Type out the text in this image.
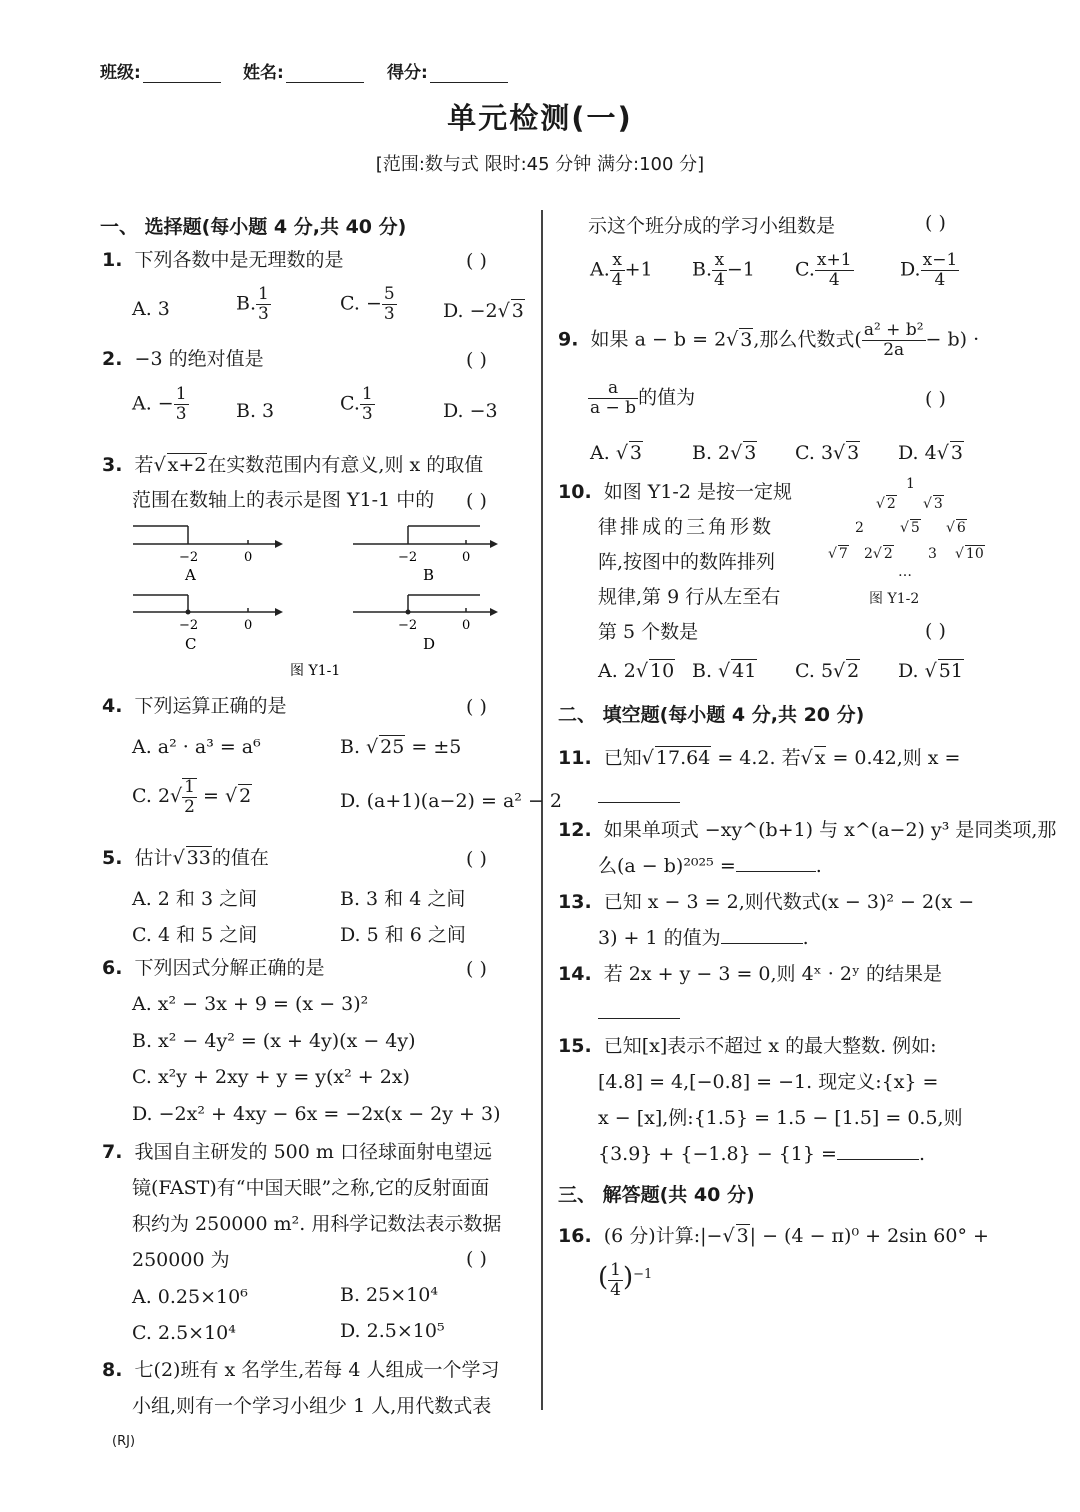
班级:	姓名:	得分:
单元检测(一)
[范围:数与式 限时:45 分钟 满分:100 分]
一、 选择题(每小题 4 分,共 40 分)
1. 下列各数中是无理数的是	( )
A. 3	B. $\frac{1}{3}$	C. − $\frac{5}{3} D$. −2√ 3
2. −3 的绝对值是	( )
A. − $\frac{1}{3} B$. 3	C. $\frac{1}{3}$	D. −3
3. 若√ x+2在实数范围内有意义,则 x 的取值
范围在数轴上的表示是图 Y1-1 中的 ( )
−2	0
A
−2	0
B
−2	0
C
−2	0
D
图 Y1-1
4. 下列运算正确的是	( )
A. a² · a³ = a⁶	B. √ 25 = ±5
C. $2√ \frac{1}{2}$ = √ 2	D. (a+1)(a−2) = a² − 2
5. 估计√ 33的值在	( )
A. 2 和 3 之间	B. 3 和 4 之间
C. 4 和 5 之间	D. 5 和 6 之间
6. 下列因式分解正确的是	( )
A. x² − 3x + 9 = (x − 3)²
B. x² − 4y² = (x + 4y)(x − 4y)
C. x²y + 2xy + y = y(x² + 2x)
D. −2x² + 4xy − 6x = −2x(x − 2y + 3)
7. 我国自主研发的 500 m 口径球面射电望远
镜(FAST)有“中国天眼”之称,它的反射面面
积约为 250000 m². 用科学记数法表示数据
250000 为	( )
A. 0.25×10⁶	B. 25×10⁴
C. 2.5×10⁴	D. 2.5×10⁵
8. 七(2)班有 x 名学生,若每 4 人组成一个学习
小组,则有一个学习小组少 1 人,用代数式表
(RJ)
示这个班分成的学习小组数是	( )
A. $\frac{x}{4} +1$ B. $\frac{x}{4} -1$ C. $\frac{x+1}{4} D$. $\frac{x-1}{4}$
9. 如果 a − b = 2√ 3,那么代数式( $\frac{\text{a² + b²}}{2a} - b$) ·
$\frac{a}{a - b}$ 的值为	( )
A. √ 3	B. 2√ 3 C. 3√ 3 D. 4√ 3
10. 如图 Y1-2 是按一定规
律排成的三角形数
阵,按图中的数阵排列
规律,第 9 行从左至右
第 5 个数是	( )
1
√ 2 √ 3
2	√ 5 √ 6
√ 7 2√ 2	3 √ 10
…
图 Y1-2
A. 2√ 10 B. √ 41 C. 5√ 2 D. √ 51
二、 填空题(每小题 4 分,共 20 分)
11. 已知√ 17.64 = 4.2. 若√ x = 0.42,则 x =
12. 如果单项式 −xy^(b+1) 与 x^(a−2) y³ 是同类项,那
么(a − b)²⁰²⁵ =	.
13. 已知 x − 3 = 2,则代数式(x − 3)² − 2(x −
3) + 1 的值为	.
14. 若 2x + y − 3 = 0,则 4ˣ · 2ʸ 的结果是
15. 已知[x]表示不超过 x 的最大整数. 例如:
[4.8] = 4,[−0.8] = −1. 现定义:{x} =
x − [x],例:{1.5} = 1.5 − [1.5] = 0.5,则
{3.9} + {−1.8} − {1} =	.
三、 解答题(共 40 分)
16. (6 分)计算:|−√ 3| − (4 − π)⁰ + 2sin 60° +
( $\frac{1}{4} )^{-1}$
